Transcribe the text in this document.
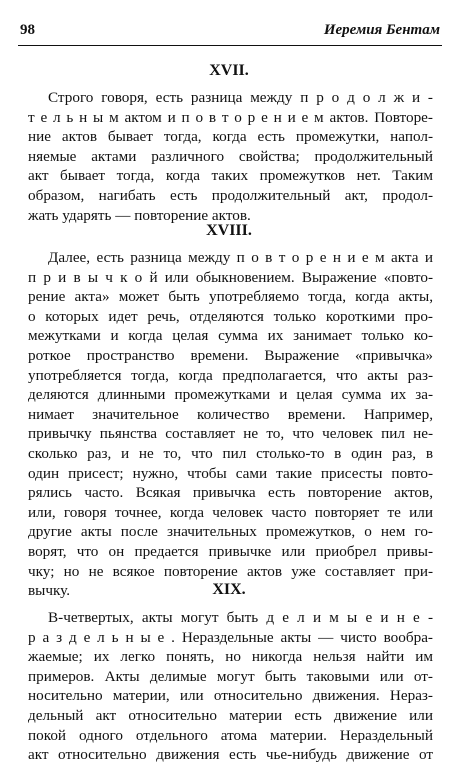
98	Иеремия Бентам
XVII.
Строго говоря, есть разница между п р о д о л ж и -
т е л ь н ы м актом и п о в т о р е н и е м актов. Повторе-
ние актов бывает тогда, когда есть промежутки, напол-
няемые актами различного свойства; продолжительный
акт бывает тогда, когда таких промежутков нет. Таким
образом, нагибать есть продолжительный акт, продол-
жать ударять — повторение актов.
XVIII.
Далее, есть разница между п о в т о р е н и е м акта и
п р и в ы ч к о й или обыкновением. Выражение «повто-
рение акта» может быть употребляемо тогда, когда акты,
о которых идет речь, отделяются только короткими про-
межутками и когда целая сумма их занимает только ко-
роткое пространство времени. Выражение «привычка»
употребляется тогда, когда предполагается, что акты раз-
деляются длинными промежутками и целая сумма их за-
нимает значительное количество времени. Например,
привычку пьянства составляет не то, что человек пил не-
сколько раз, и не то, что пил столько-то в один раз, в
один присест; нужно, чтобы сами такие присесты повто-
рялись часто. Всякая привычка есть повторение актов,
или, говоря точнее, когда человек часто повторяет те или
другие акты после значительных промежутков, о нем го-
ворят, что он предается привычке или приобрел привы-
чку; но не всякое повторение актов уже составляет при-
вычку.	XIX.
В-четвертых, акты могут быть д е л и м ы е и н е -
р а з д е л ь н ы е . Нераздельные акты — чисто вообра-
жаемые; их легко понять, но никогда нельзя найти им
примеров. Акты делимые могут быть таковыми или от-
носительно материи, или относительно движения. Нераз-
дельный акт относительно материи есть движение или
покой одного отдельного атома материи. Нераздельный
акт относительно движения есть чье-нибудь движение от
